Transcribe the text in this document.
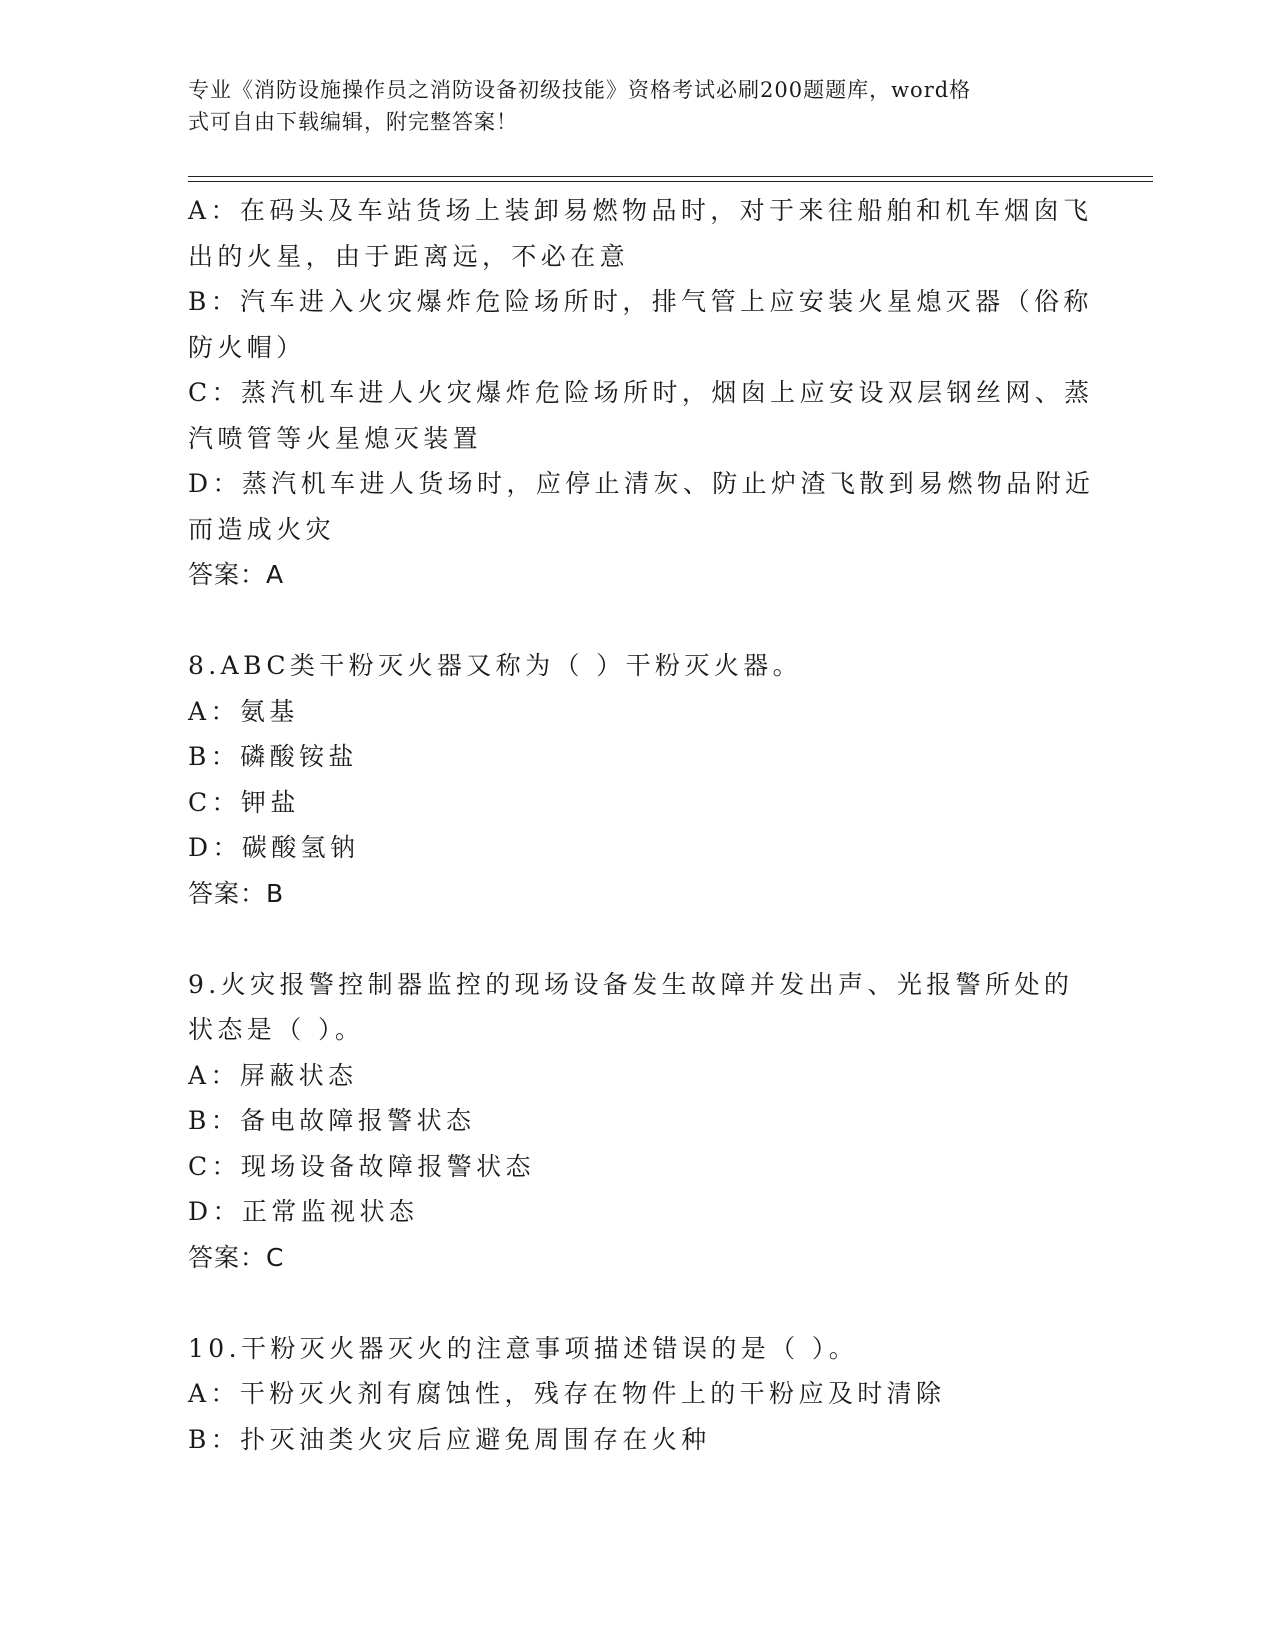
专业《消防设施操作员之消防设备初级技能》资格考试必刷200题题库，word格
式可自由下载编辑，附完整答案！
A：在码头及车站货场上装卸易燃物品时，对于来往船舶和机车烟囱飞
出的火星，由于距离远，不必在意
B：汽车进入火灾爆炸危险场所时，排气管上应安装火星熄灭器（俗称
防火帽）
C：蒸汽机车进人火灾爆炸危险场所时，烟囱上应安设双层钢丝网、蒸
汽喷管等火星熄灭装置
D：蒸汽机车进人货场时，应停止清灰、防止炉渣飞散到易燃物品附近
而造成火灾
答案：A
8.ABC类干粉灭火器又称为（ ）干粉灭火器。
A：氨基
B：磷酸铵盐
C：钾盐
D：碳酸氢钠
答案：B
9.火灾报警控制器监控的现场设备发生故障并发出声、光报警所处的
状态是（ ）。
A：屏蔽状态
B：备电故障报警状态
C：现场设备故障报警状态
D：正常监视状态
答案：C
10.干粉灭火器灭火的注意事项描述错误的是（ ）。
A：干粉灭火剂有腐蚀性，残存在物件上的干粉应及时清除
B：扑灭油类火灾后应避免周围存在火种
